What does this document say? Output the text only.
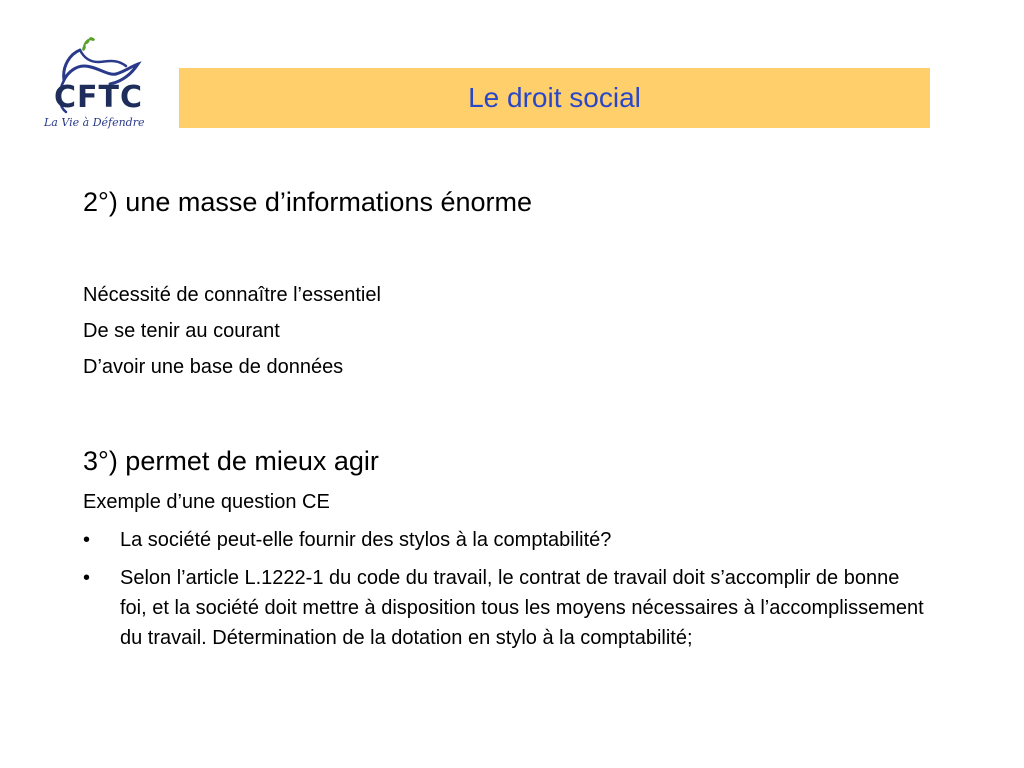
CFTC
La Vie à Défendre
Le droit social
2°) une masse d’informations énorme
Nécessité de connaître l’essentiel
De se tenir au courant
D’avoir une base de données
3°) permet de mieux agir
Exemple d’une question CE
• La société peut-elle fournir des stylos à la comptabilité?
• Selon l’article L.1222-1 du code du travail, le contrat de travail doit s’accomplir de bonne foi, et la société doit mettre à disposition tous les moyens nécessaires à l’accomplissement du travail. Détermination de la dotation en stylo à la comptabilité;
